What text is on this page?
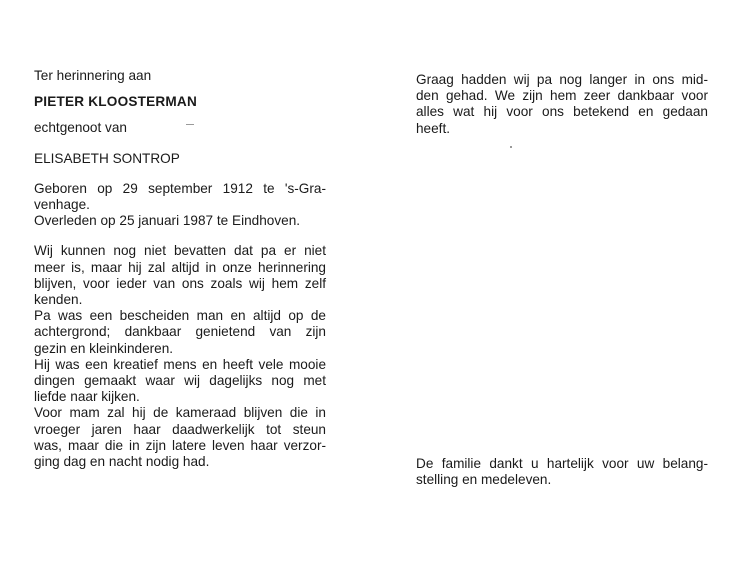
Ter herinnering aan
PIETER KLOOSTERMAN
echtgenoot van
ELISABETH SONTROP
Geboren op 29 september 1912 te 's-Gra-
venhage.
Overleden op 25 januari 1987 te Eindhoven.
Wij kunnen nog niet bevatten dat pa er niet
meer is, maar hij zal altijd in onze herinnering
blijven, voor ieder van ons zoals wij hem zelf
kenden.
Pa was een bescheiden man en altijd op de
achtergrond; dankbaar genietend van zijn
gezin en kleinkinderen.
Hij was een kreatief mens en heeft vele mooie
dingen gemaakt waar wij dagelijks nog met
liefde naar kijken.
Voor mam zal hij de kameraad blijven die in
vroeger jaren haar daadwerkelijk tot steun
was, maar die in zijn latere leven haar verzor-
ging dag en nacht nodig had.
Graag hadden wij pa nog langer in ons mid-
den gehad. We zijn hem zeer dankbaar voor
alles wat hij voor ons betekend en gedaan
heeft.
De familie dankt u hartelijk voor uw belang-
stelling en medeleven.
